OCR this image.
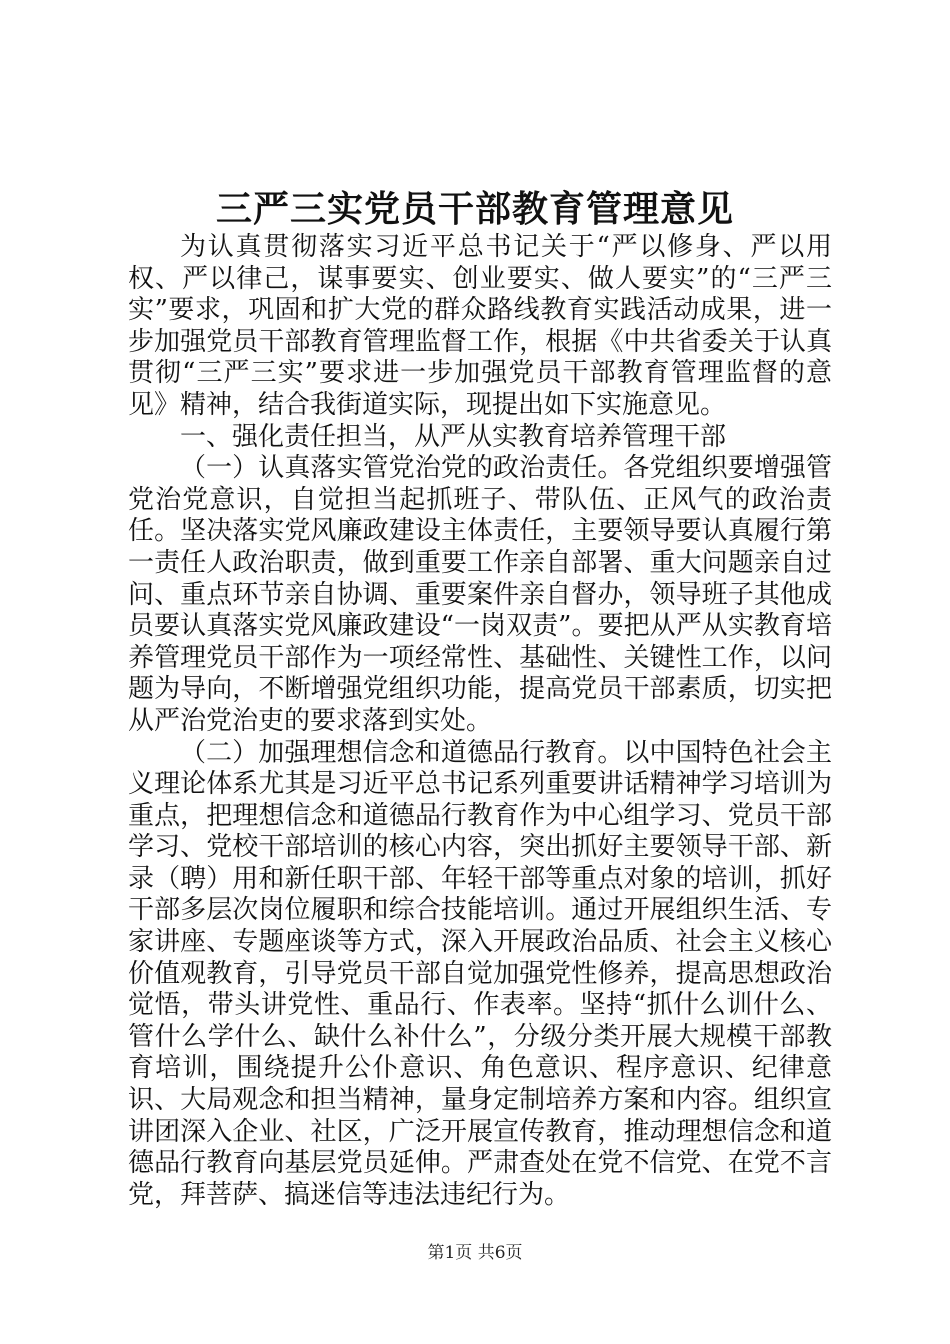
三严三实党员干部教育管理意见

为认真贯彻落实习近平总书记关于“严以修身、严以用权、严以律己，谋事要实、创业要实、做人要实”的“三严三实”要求，巩固和扩大党的群众路线教育实践活动成果，进一步加强党员干部教育管理监督工作，根据《中共省委关于认真贯彻“三严三实”要求进一步加强党员干部教育管理监督的意见》精神，结合我街道实际，现提出如下实施意见。

一、强化责任担当，从严从实教育培养管理干部

（一）认真落实管党治党的政治责任。各党组织要增强管党治党意识，自觉担当起抓班子、带队伍、正风气的政治责任。坚决落实党风廉政建设主体责任，主要领导要认真履行第一责任人政治职责，做到重要工作亲自部署、重大问题亲自过问、重点环节亲自协调、重要案件亲自督办，领导班子其他成员要认真落实党风廉政建设“一岗双责”。要把从严从实教育培养管理党员干部作为一项经常性、基础性、关键性工作，以问题为导向，不断增强党组织功能，提高党员干部素质，切实把从严治党治吏的要求落到实处。

（二）加强理想信念和道德品行教育。以中国特色社会主义理论体系尤其是习近平总书记系列重要讲话精神学习培训为重点，把理想信念和道德品行教育作为中心组学习、党员干部学习、党校干部培训的核心内容，突出抓好主要领导干部、新录（聘）用和新任职干部、年轻干部等重点对象的培训，抓好干部多层次岗位履职和综合技能培训。通过开展组织生活、专家讲座、专题座谈等方式，深入开展政治品质、社会主义核心价值观教育，引导党员干部自觉加强党性修养，提高思想政治觉悟，带头讲党性、重品行、作表率。坚持“抓什么训什么、管什么学什么、缺什么补什么”，分级分类开展大规模干部教育培训，围绕提升公仆意识、角色意识、程序意识、纪律意识、大局观念和担当精神，量身定制培养方案和内容。组织宣讲团深入企业、社区，广泛开展宣传教育，推动理想信念和道德品行教育向基层党员延伸。严肃查处在党不信党、在党不言党，拜菩萨、搞迷信等违法违纪行为。

第1页 共6页
